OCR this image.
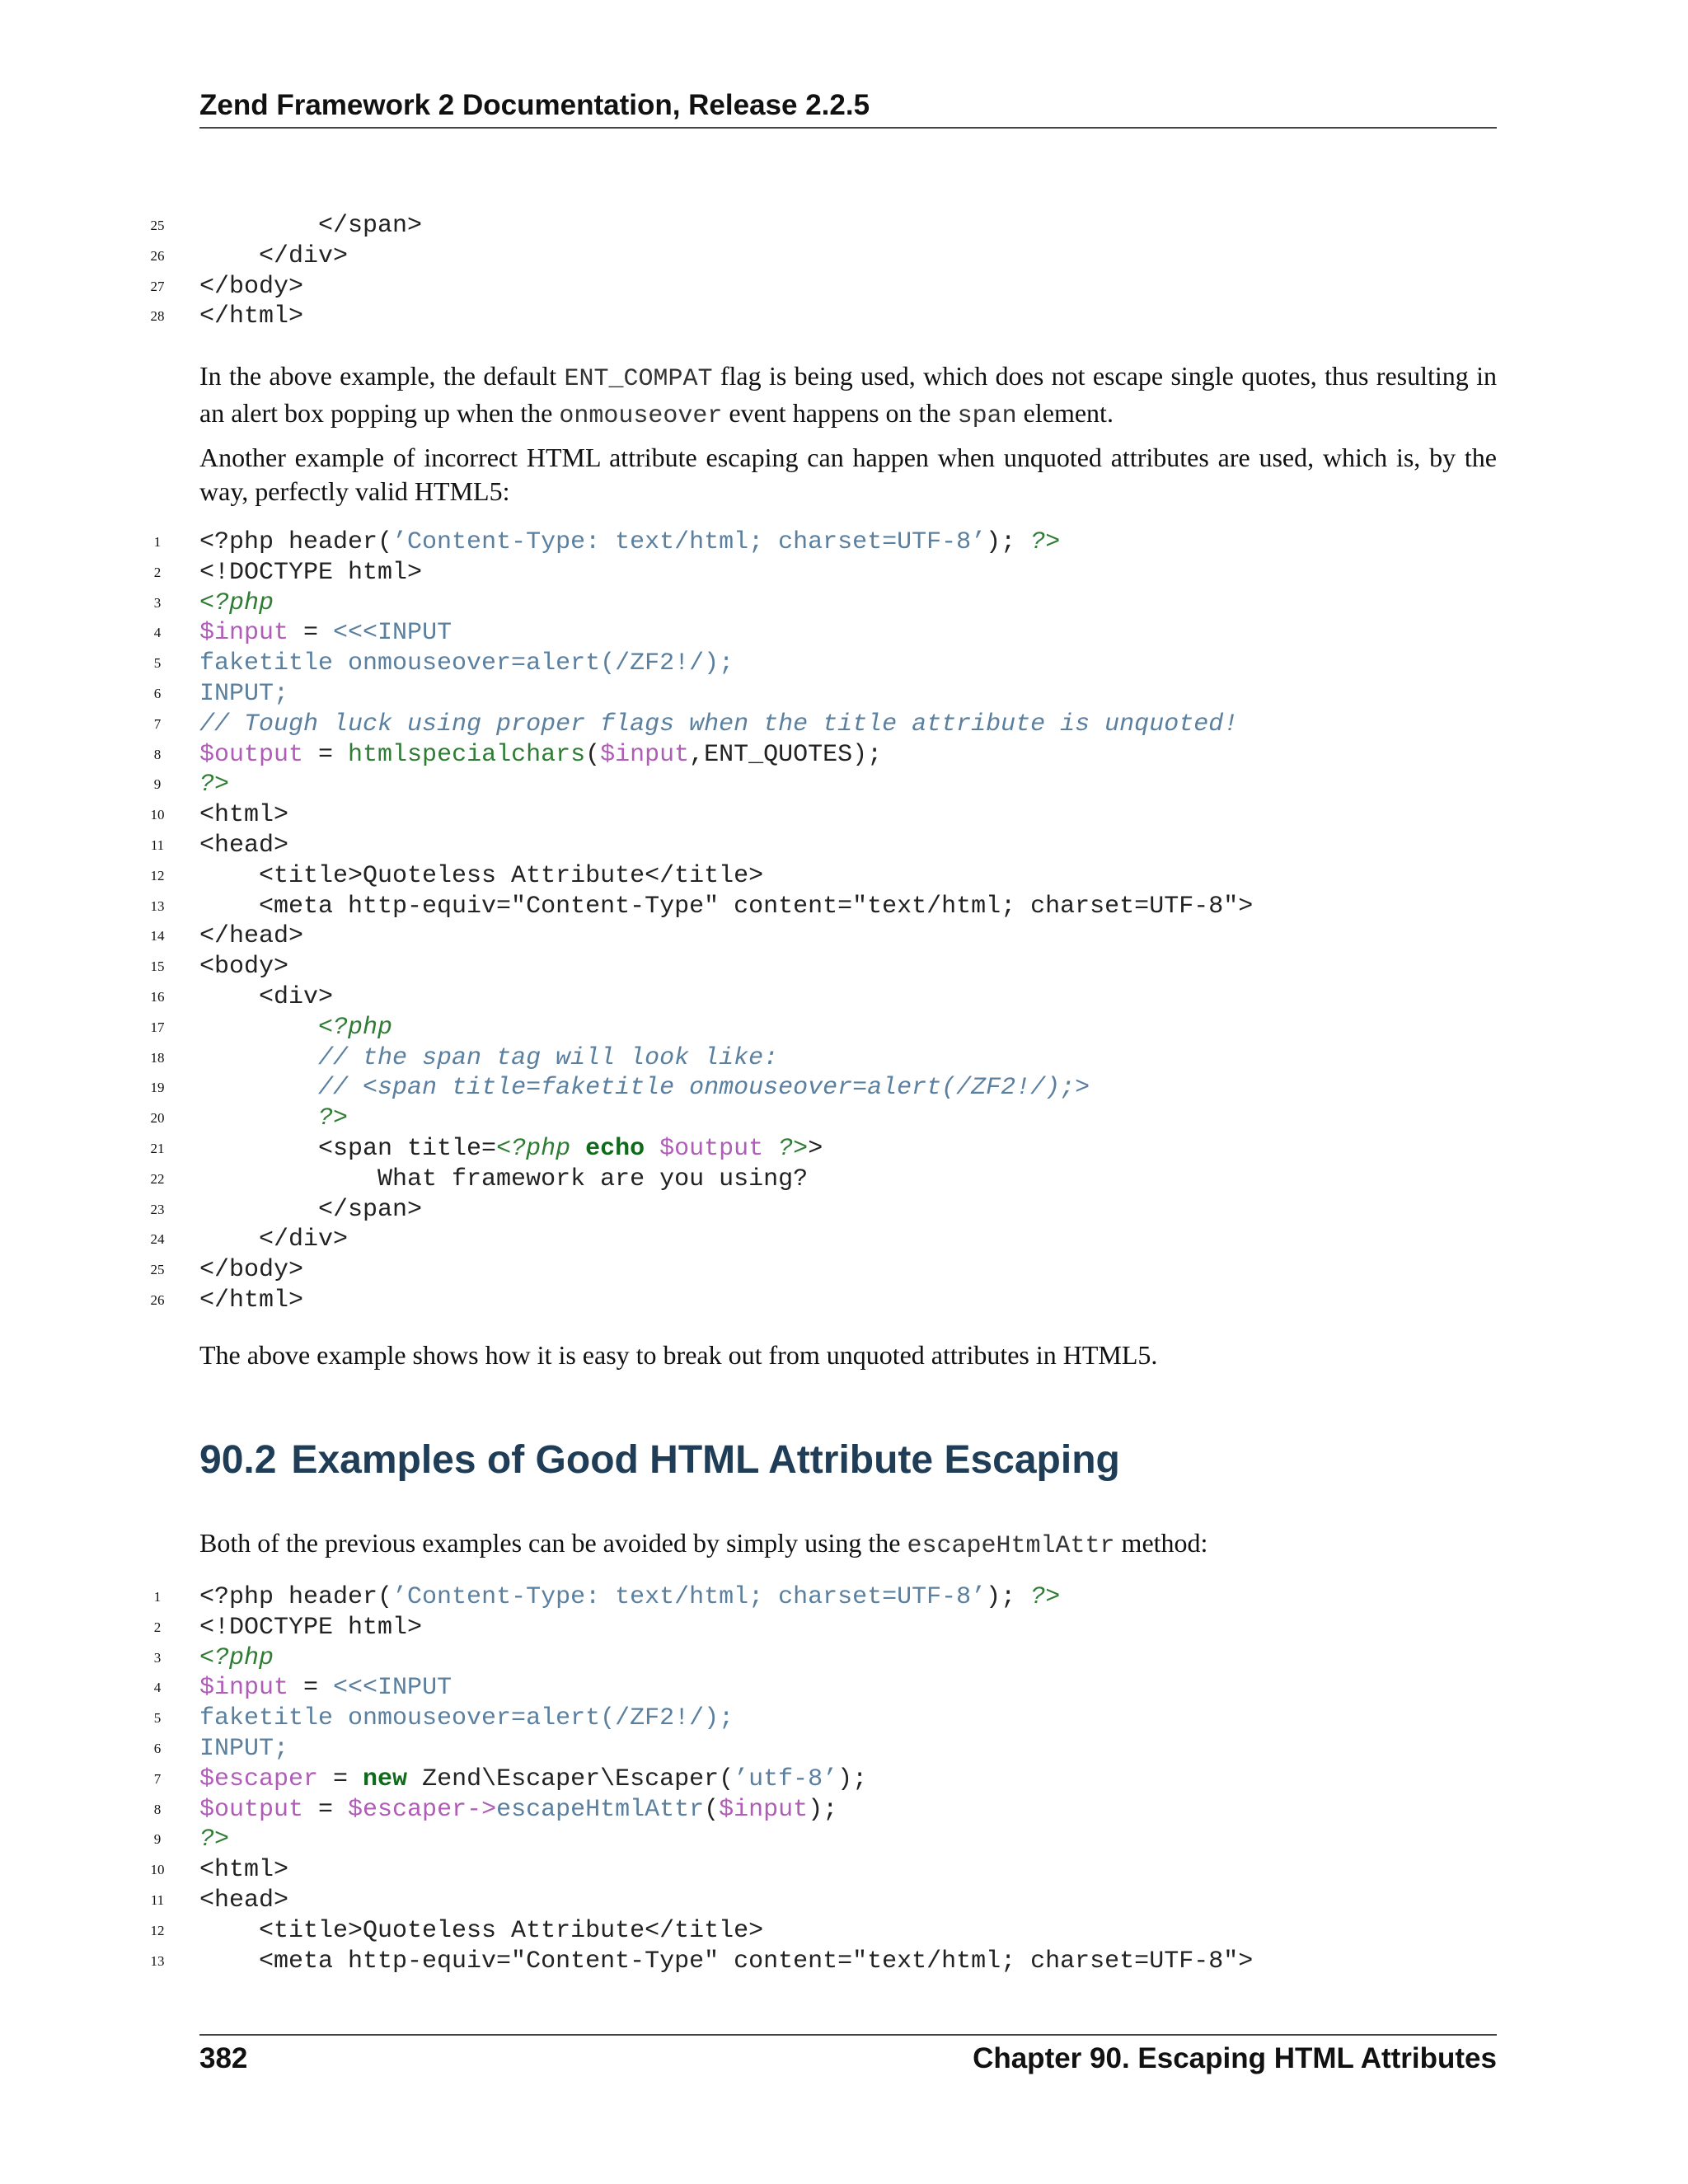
Zend Framework 2 Documentation, Release 2.2.5
25 </span>
26 </div>
27 </body>
28 </html>

In the above example, the default ENT_COMPAT flag is being used, which does not escape single quotes, thus resulting in an alert box popping up when the onmouseover event happens on the span element.

Another example of incorrect HTML attribute escaping can happen when unquoted attributes are used, which is, by the way, perfectly valid HTML5:

1	<?php header(’Content-Type: text/html; charset=UTF-8’); ?>
2	<!DOCTYPE html>
3	<?php
4	$input = <<<INPUT
5	faketitle onmouseover=alert(/ZF2!/);
6	INPUT;
7	// Tough luck using proper flags when the title attribute is unquoted!
8	$output = htmlspecialchars($input,ENT_QUOTES);
9	?>
10 <html>
11 <head>
12 <title>Quoteless Attribute</title>
13 <meta http-equiv="Content-Type" content="text/html; charset=UTF-8">
14 </head>
15 <body>
16 <div>
17	<?php
18	// the span tag will look like:
19	// <span title=faketitle onmouseover=alert(/ZF2!/);>
20	?>
21 <span title=<?php echo $output ?>>
22 What framework are you using?
23 </span>
24 </div>
25 </body>
26 </html>

The above example shows how it is easy to break out from unquoted attributes in HTML5.

90.2 Examples of Good HTML Attribute Escaping

Both of the previous examples can be avoided by simply using the escapeHtmlAttr method:

1	<?php header(’Content-Type: text/html; charset=UTF-8’); ?>
2	<!DOCTYPE html>
3	<?php
4	$input = <<<INPUT
5	faketitle onmouseover=alert(/ZF2!/);
6	INPUT;
7	$escaper = new Zend\Escaper\Escaper(’utf-8’);
8	$output = $escaper->escapeHtmlAttr($input);
9	?>
10 <html>
11 <head>
12 <title>Quoteless Attribute</title>
13 <meta http-equiv="Content-Type" content="text/html; charset=UTF-8">
382	Chapter 90. Escaping HTML Attributes
